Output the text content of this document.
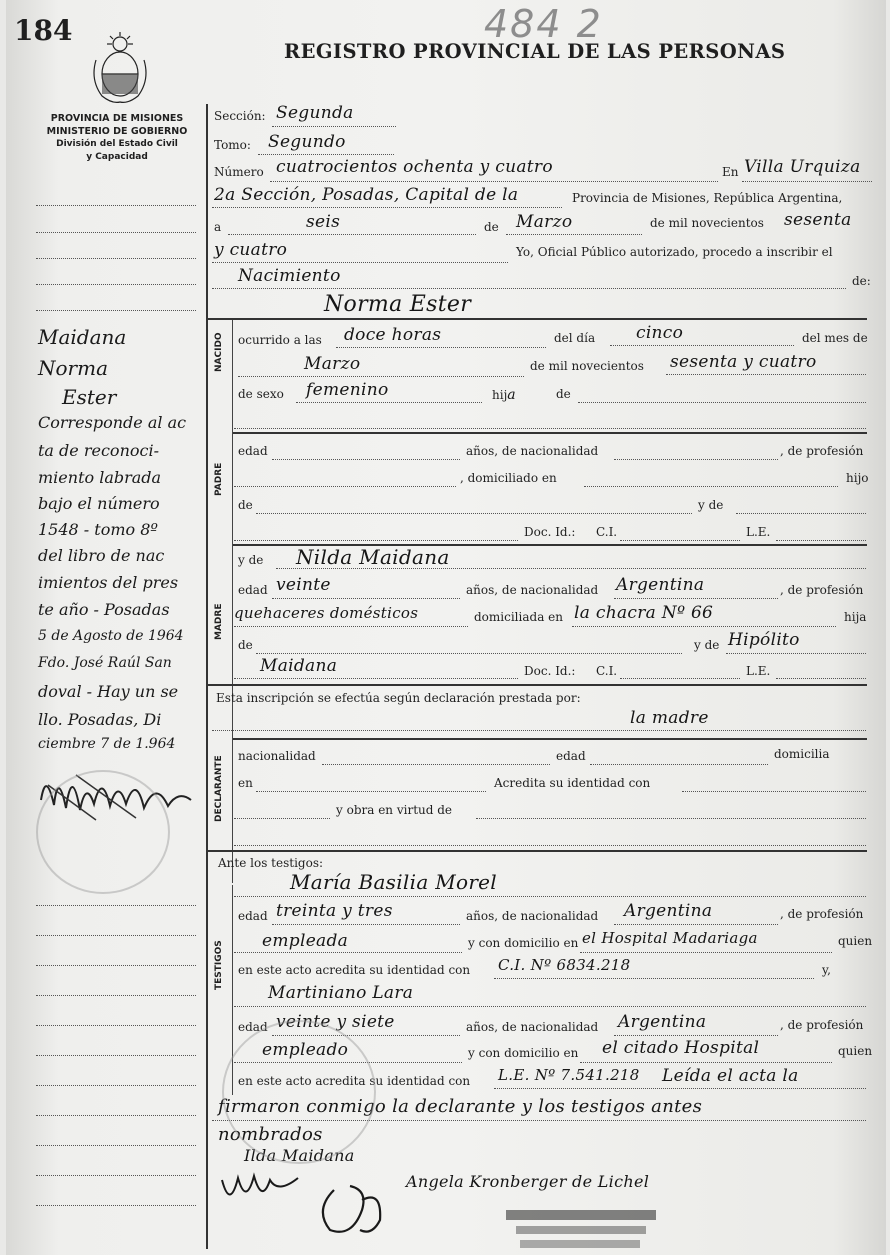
184	484 2
REGISTRO PROVINCIAL DE LAS PERSONAS
PROVINCIA DE MISIONES
MINISTERIO DE GOBIERNO
División del Estado Civil
y Capacidad
Maidana
Norma
Ester
Corresponde al ac
ta de reconoci-
miento labrada
bajo el número
1548 - tomo 8º
del libro de nac
imientos del pres
te año - Posadas
5 de Agosto de 1964
Fdo. José Raúl San
doval - Hay un se
llo. Posadas, Di
ciembre 7 de 1.964
Sección: Segunda
Tomo: Segundo
Número cuatrocientos ochenta y cuatro	En Villa Urquiza
2a Sección, Posadas, Capital de la	Provincia de Misiones, República Argentina,
a	seis	de Marzo	de mil novecientos sesenta
y cuatro	Yo, Oficial Público autorizado, procedo a inscribir el
Nacimiento	de:
Norma Ester
NACIDO ocurrido a las doce horas	del día cinco	del mes de
Marzo	de mil novecientos sesenta y cuatro
de sexo femenino	hija	de
PADRE
edad	años, de nacionalidad	, de profesión
, domiciliado en	hijo
de	y de
Doc. Id.: C.I.	L.E.
MADRE
y de Nilda Maidana
edad veinte	años, de nacionalidad Argentina	, de profesión
quehaceres domésticos	domiciliada en la chacra Nº 66	hija
de	y de Hipólito
Maidana	Doc. Id.: C.I.	L.E.
Esta inscripción se efectúa según declaración prestada por:
la madre
DECLARANTE nacionalidad	edad	domicilia
en	Acredita su identidad con
y obra en virtud de
Ante los testigos:
María Basilia Morel
TESTIGOS
edad treinta y tres	años, de nacionalidad Argentina	, de profesión
empleada	y con domicilio en el Hospital Madariaga	quien
en este acto acredita su identidad con C.I. Nº 6834.218	y,
Martiniano Lara
edad veinte y siete	años, de nacionalidad Argentina	, de profesión
empleado	y con domicilio en el citado Hospital	quien
en este acto acredita su identidad con L.E. Nº 7.541.218 Leída el acta la
firmaron conmigo la declarante y los testigos antes
nombrados
Ilda Maidana
Angela Kronberger de Lichel
